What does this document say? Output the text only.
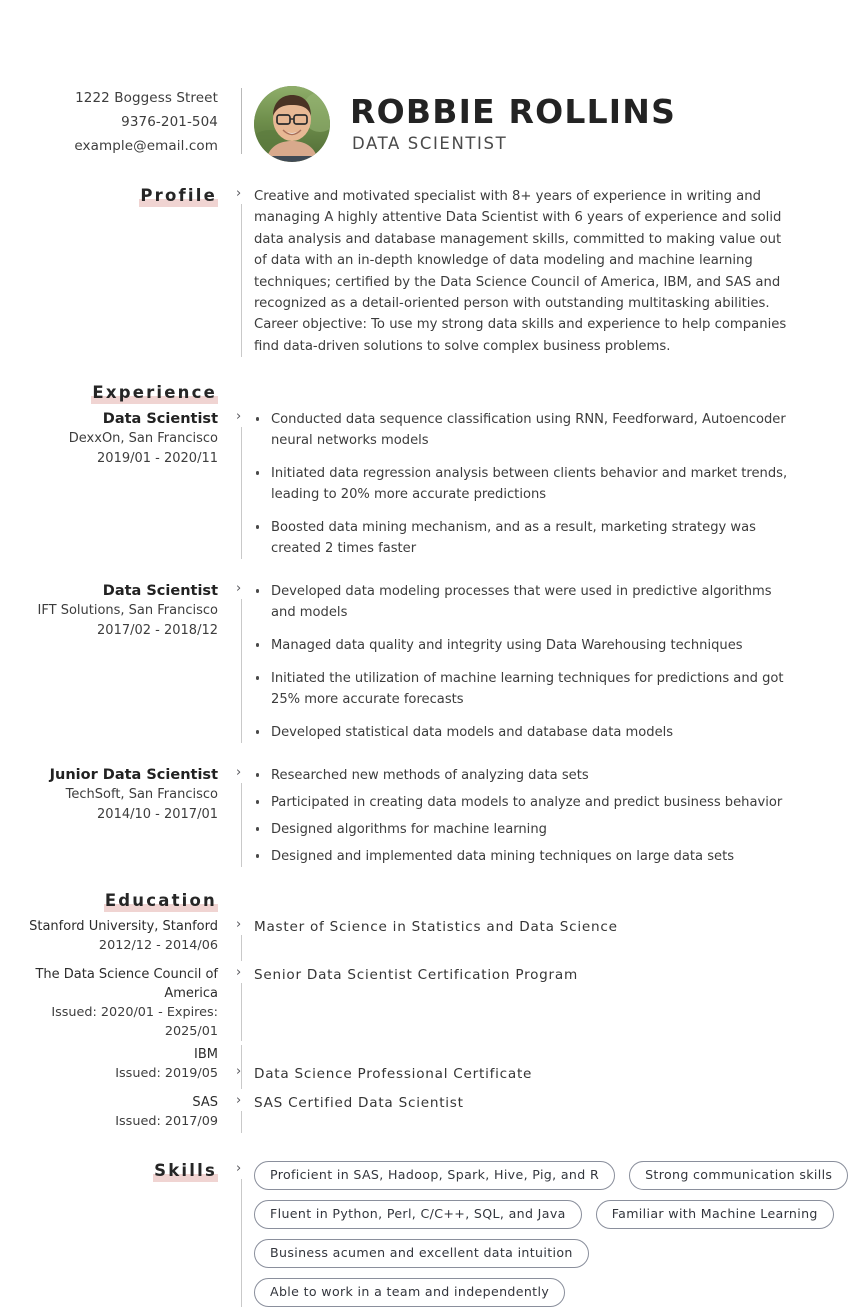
1222 Boggess Street
9376-201-504
example@email.com
ROBBIE ROLLINS
DATA SCIENTIST
Profile	› Creative and motivated specialist with 8+ years of experience in writing and managing A highly attentive Data Scientist with 6 years of experience and solid data analysis and database management skills, committed to making value out of data with an in-depth knowledge of data modeling and machine learning techniques; certified by the Data Science Council of America, IBM, and SAS and recognized as a detail-oriented person with outstanding multitasking abilities.

Career objective: To use my strong data skills and experience to help companies find data-driven solutions to solve complex business problems.

Experience
Data Scientist
DexxOn, San Francisco
2019/01 - 2020/11
›	Conducted data sequence classification using RNN, Feedforward, Autoencoder neural networks models
Initiated data regression analysis between clients behavior and market trends, leading to 20% more accurate predictions
Boosted data mining mechanism, and as a result, marketing strategy was created 2 times faster
Data Scientist
IFT Solutions, San Francisco
2017/02 - 2018/12
›	Developed data modeling processes that were used in predictive algorithms and models
Managed data quality and integrity using Data Warehousing techniques
Initiated the utilization of machine learning techniques for predictions and got 25% more accurate forecasts
Developed statistical data models and database data models
Junior Data Scientist
TechSoft, San Francisco
2014/10 - 2017/01
›	Researched new methods of analyzing data sets
Participated in creating data models to analyze and predict business behavior
Designed algorithms for machine learning
Designed and implemented data mining techniques on large data sets
Education
Stanford University, Stanford
2012/12 - 2014/06
› Master of Science in Statistics and Data Science
The Data Science Council of America
Issued: 2020/01 - Expires: 2025/01
› Senior Data Scientist Certification Program
IBM
Issued: 2019/05 › Data Science Professional Certificate
SAS
Issued: 2017/09
› SAS Certified Data Scientist
Skills	›	Proficient in SAS, Hadoop, Spark, Hive, Pig, and R	Strong communication skills
Fluent in Python, Perl, C/C++, SQL, and Java	Familiar with Machine Learning
Business acumen and excellent data intuition
Able to work in a team and independently
